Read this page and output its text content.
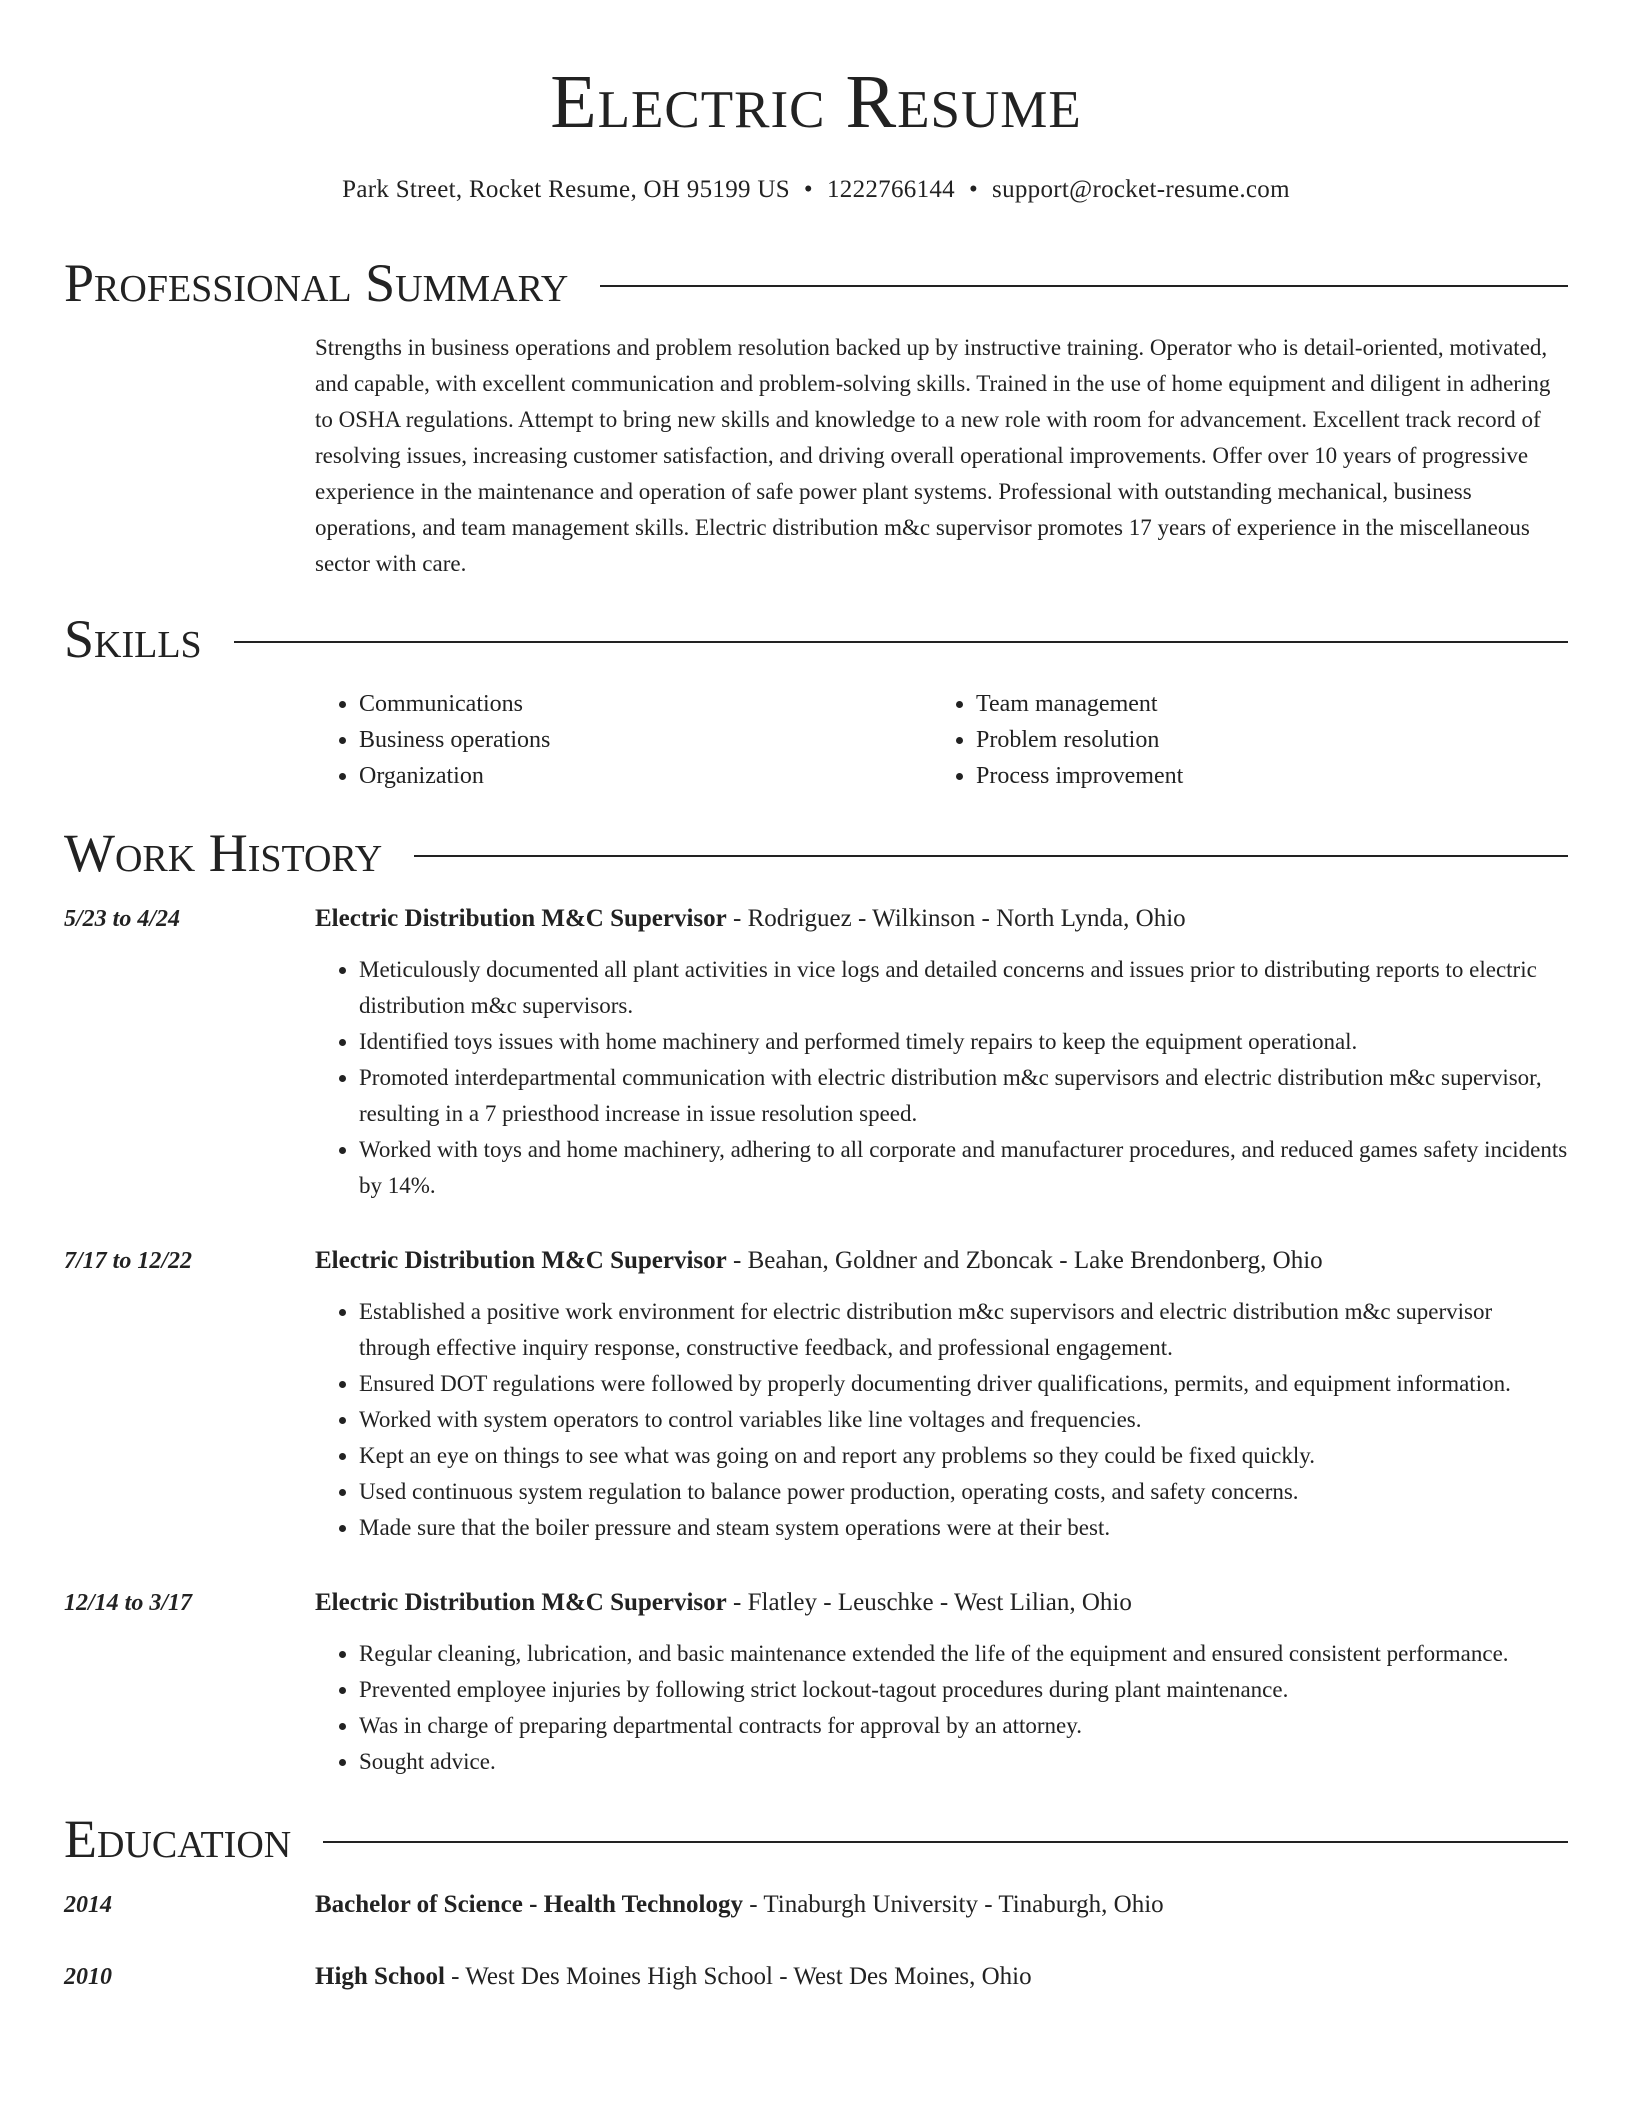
Electric Resume
Park Street, Rocket Resume, OH 95199 US • 1222766144 • support@rocket-resume.com
Professional Summary
Strengths in business operations and problem resolution backed up by instructive training. Operator who is detail-oriented, motivated, and capable, with excellent communication and problem-solving skills. Trained in the use of home equipment and diligent in adhering to OSHA regulations. Attempt to bring new skills and knowledge to a new role with room for advancement. Excellent track record of resolving issues, increasing customer satisfaction, and driving overall operational improvements. Offer over 10 years of progressive experience in the maintenance and operation of safe power plant systems. Professional with outstanding mechanical, business operations, and team management skills. Electric distribution m&c supervisor promotes 17 years of experience in the miscellaneous sector with care.
Skills
• Communications
• Business operations
• Organization
• Team management
• Problem resolution
• Process improvement
Work History
5/23 to 4/24	Electric Distribution M&C Supervisor - Rodriguez - Wilkinson - North Lynda, Ohio
• Meticulously documented all plant activities in vice logs and detailed concerns and issues prior to distributing reports to electric distribution m&c supervisors.
• Identified toys issues with home machinery and performed timely repairs to keep the equipment operational.
• Promoted interdepartmental communication with electric distribution m&c supervisors and electric distribution m&c supervisor, resulting in a 7 priesthood increase in issue resolution speed.
• Worked with toys and home machinery, adhering to all corporate and manufacturer procedures, and reduced games safety incidents by 14%.
7/17 to 12/22	Electric Distribution M&C Supervisor - Beahan, Goldner and Zboncak - Lake Brendonberg, Ohio
• Established a positive work environment for electric distribution m&c supervisors and electric distribution m&c supervisor through effective inquiry response, constructive feedback, and professional engagement.
• Ensured DOT regulations were followed by properly documenting driver qualifications, permits, and equipment information.
• Worked with system operators to control variables like line voltages and frequencies.
• Kept an eye on things to see what was going on and report any problems so they could be fixed quickly.
• Used continuous system regulation to balance power production, operating costs, and safety concerns.
• Made sure that the boiler pressure and steam system operations were at their best.
12/14 to 3/17	Electric Distribution M&C Supervisor - Flatley - Leuschke - West Lilian, Ohio
• Regular cleaning, lubrication, and basic maintenance extended the life of the equipment and ensured consistent performance.
• Prevented employee injuries by following strict lockout-tagout procedures during plant maintenance.
• Was in charge of preparing departmental contracts for approval by an attorney.
• Sought advice.
Education
2014	Bachelor of Science - Health Technology - Tinaburgh University - Tinaburgh, Ohio
2010	High School - West Des Moines High School - West Des Moines, Ohio
